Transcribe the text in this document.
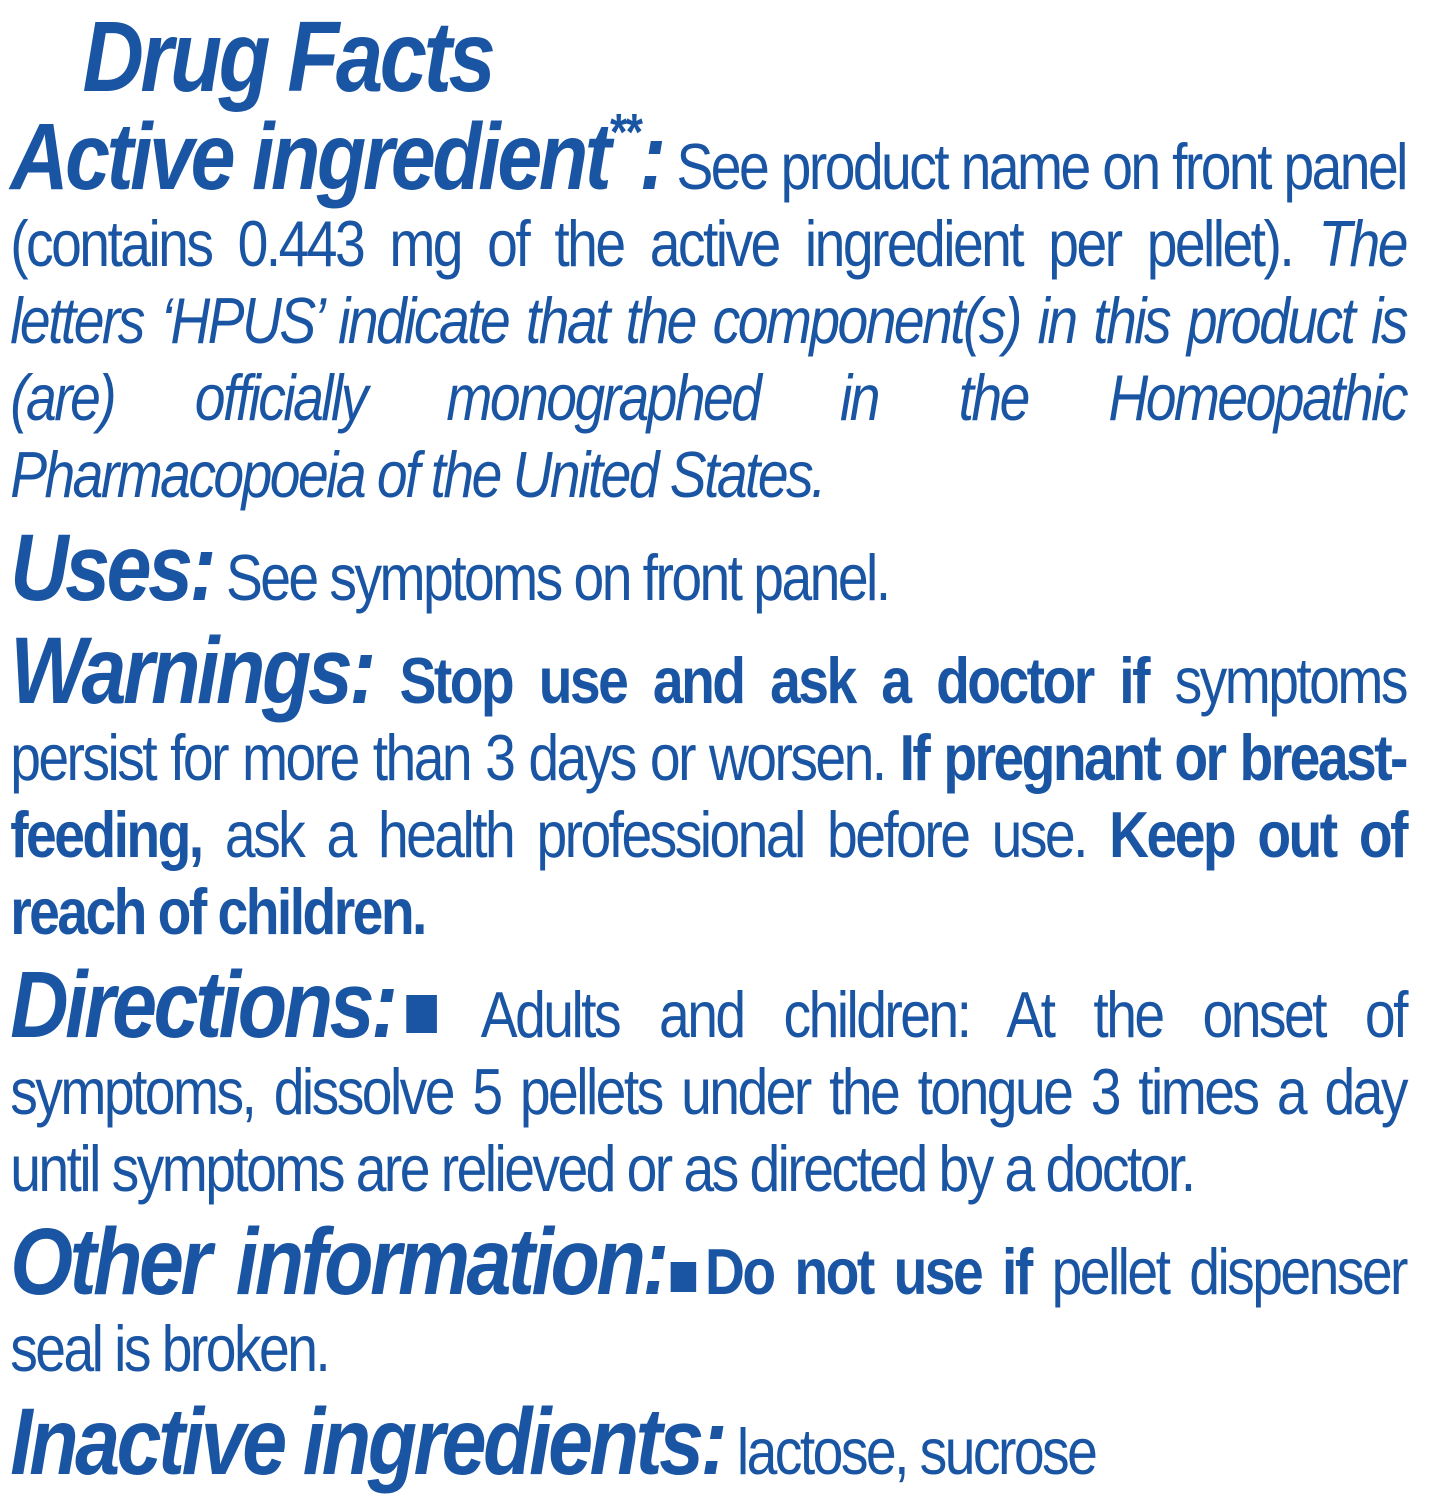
Drug Facts

Active ingredient**: See product name on front panel (contains 0.443 mg of the active ingredient per pellet). The letters ‘HPUS’ indicate that the component(s) in this product is (are) officially monographed in the Homeopathic Pharmacopoeia of the United States.

Uses: See symptoms on front panel.

Warnings: Stop use and ask a doctor if symptoms persist for more than 3 days or worsen. If pregnant or breast-feeding, ask a health professional before use. Keep out of reach of children.

Directions: Adults and children: At the onset of symptoms, dissolve 5 pellets under the tongue 3 times a day until symptoms are relieved or as directed by a doctor.

Other information: Do not use if pellet dispenser seal is broken.

Inactive ingredients: lactose, sucrose
